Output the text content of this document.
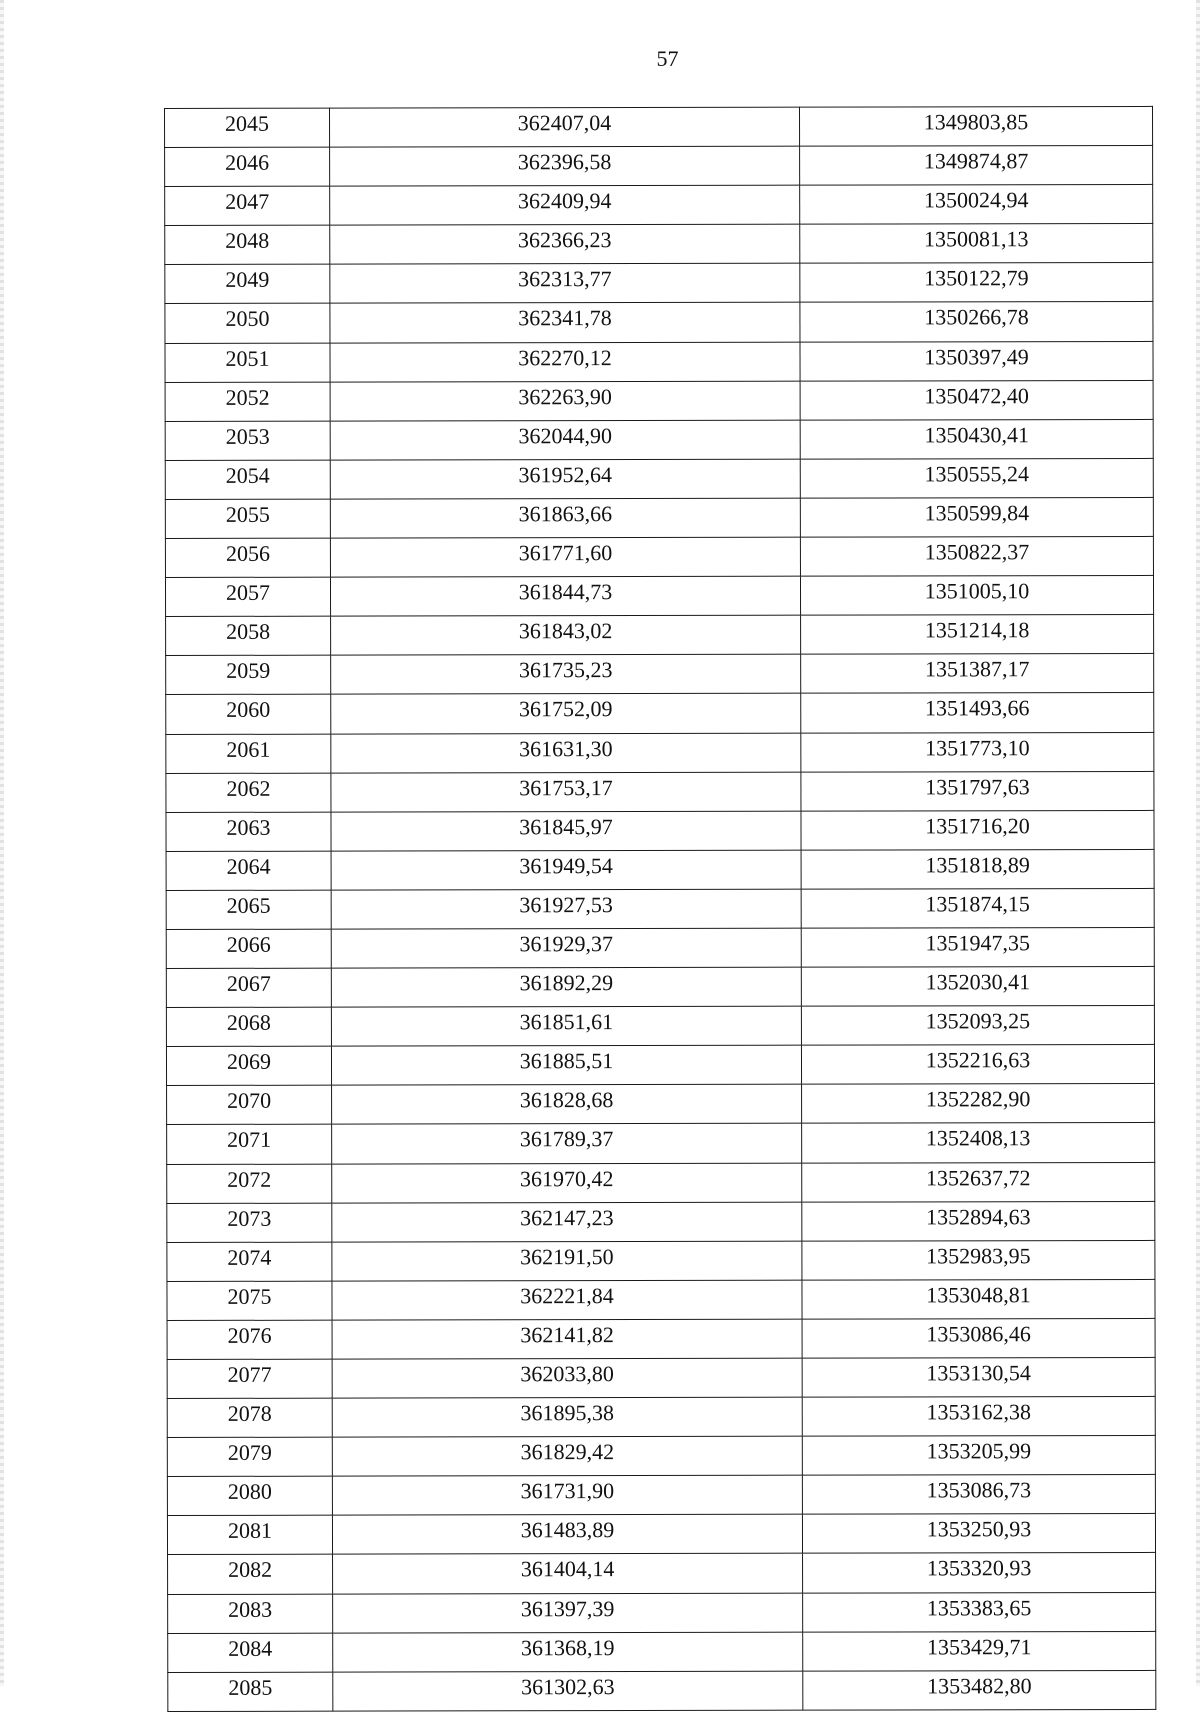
57
2045	362407,04	1349803,85
2046	362396,58	1349874,87
2047	362409,94	1350024,94
2048	362366,23	1350081,13
2049	362313,77	1350122,79
2050	362341,78	1350266,78
2051	362270,12	1350397,49
2052	362263,90	1350472,40
2053	362044,90	1350430,41
2054	361952,64	1350555,24
2055	361863,66	1350599,84
2056	361771,60	1350822,37
2057	361844,73	1351005,10
2058	361843,02	1351214,18
2059	361735,23	1351387,17
2060	361752,09	1351493,66
2061	361631,30	1351773,10
2062	361753,17	1351797,63
2063	361845,97	1351716,20
2064	361949,54	1351818,89
2065	361927,53	1351874,15
2066	361929,37	1351947,35
2067	361892,29	1352030,41
2068	361851,61	1352093,25
2069	361885,51	1352216,63
2070	361828,68	1352282,90
2071	361789,37	1352408,13
2072	361970,42	1352637,72
2073	362147,23	1352894,63
2074	362191,50	1352983,95
2075	362221,84	1353048,81
2076	362141,82	1353086,46
2077	362033,80	1353130,54
2078	361895,38	1353162,38
2079	361829,42	1353205,99
2080	361731,90	1353086,73
2081	361483,89	1353250,93
2082	361404,14	1353320,93
2083	361397,39	1353383,65
2084	361368,19	1353429,71
2085	361302,63	1353482,80
